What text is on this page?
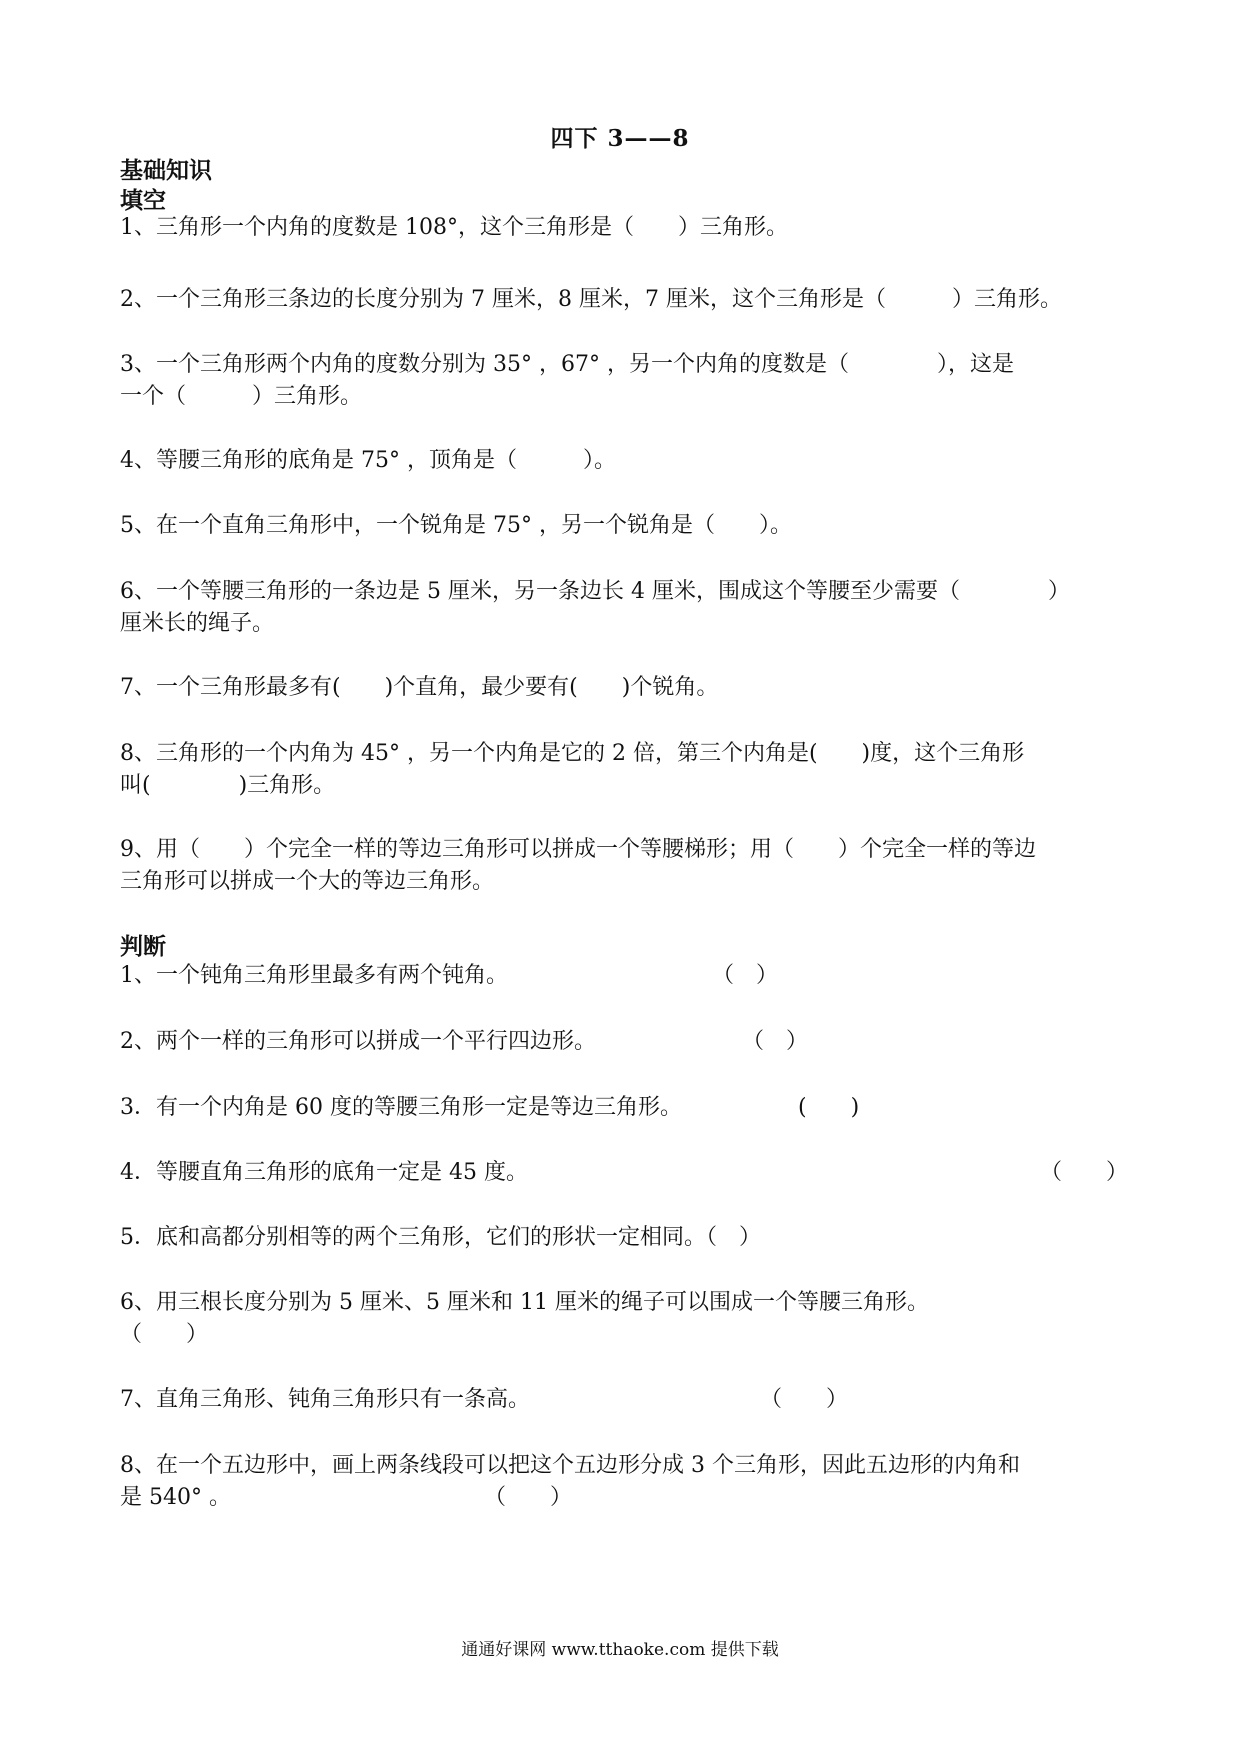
四下 3——8
基础知识
填空
1、三角形一个内角的度数是 108°，这个三角形是（　　）三角形。
2、一个三角形三条边的长度分别为 7 厘米，8 厘米，7 厘米，这个三角形是（　　　）三角形。
3、一个三角形两个内角的度数分别为 35° ，67° ，另一个内角的度数是（　　　　），这是
一个（　　　）三角形。
4、等腰三角形的底角是 75° ，顶角是（　　　）。
5、在一个直角三角形中，一个锐角是 75° ，另一个锐角是（　　）。
6、一个等腰三角形的一条边是 5 厘米，另一条边长 4 厘米，围成这个等腰至少需要（　　　　）
厘米长的绳子。
7、一个三角形最多有(　　)个直角，最少要有(　　)个锐角。
8、三角形的一个内角为 45° ，另一个内角是它的 2 倍，第三个内角是(　　)度，这个三角形
叫(　　　　)三角形。
9、用（　　）个完全一样的等边三角形可以拼成一个等腰梯形；用（　　）个完全一样的等边
三角形可以拼成一个大的等边三角形。
判断
1、一个钝角三角形里最多有两个钝角。	（　）
2、两个一样的三角形可以拼成一个平行四边形。	（　）
3．有一个内角是 60 度的等腰三角形一定是等边三角形。	(　　)
4．等腰直角三角形的底角一定是 45 度。	（　　）
5．底和高都分别相等的两个三角形，它们的形状一定相同。（　）
6、用三根长度分别为 5 厘米、5 厘米和 11 厘米的绳子可以围成一个等腰三角形。
（　　）
7、直角三角形、钝角三角形只有一条高。	（　　）
8、在一个五边形中，画上两条线段可以把这个五边形分成 3 个三角形，因此五边形的内角和
是 540° 。	（　　）
通通好课网 www.tthaoke.com 提供下载
